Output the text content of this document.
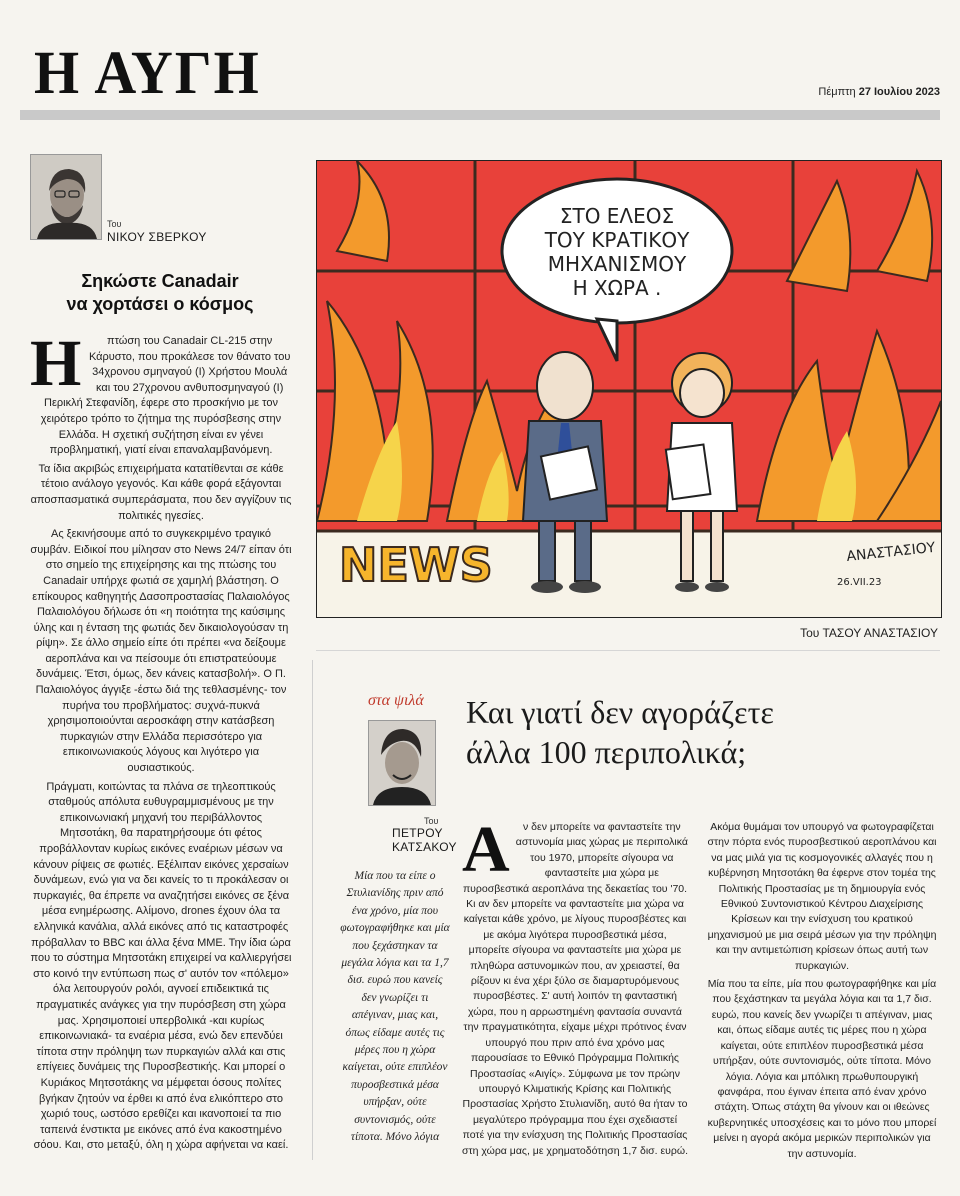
Η ΑΥΓΗ	Πέμπτη 27 Ιουλίου 2023
Του
ΝΙΚΟΥ ΣΒΕΡΚΟΥ
Σηκώστε Canadair
να χορτάσει ο κόσμος

Η πτώση του Canadair CL-215 στην Κάρυστο, που προκάλεσε τον θάνατο του 34χρονου σμηναγού (Ι) Χρήστου Μουλά και του 27χρονου ανθυποσμηναγού (Ι) Περικλή Στεφανίδη, έφερε στο προσκήνιο με τον χειρότερο τρόπο το ζήτημα της πυρόσβεσης στην Ελλάδα. Η σχετική συζήτηση είναι εν γένει προβληματική, γιατί είναι επαναλαμβανόμενη.

Τα ίδια ακριβώς επιχειρήματα κατατίθενται σε κάθε τέτοιο ανάλογο γεγονός. Και κάθε φορά εξάγονται αποσπασματικά συμπεράσματα, που δεν αγγίζουν τις πολιτικές ηγεσίες.

Ας ξεκινήσουμε από το συγκεκριμένο τραγικό συμβάν. Ειδικοί που μίλησαν στο News 24/7 είπαν ότι στο σημείο της επιχείρησης και της πτώσης του Canadair υπήρχε φωτιά σε χαμηλή βλάστηση. Ο επίκουρος καθηγητής Δασοπροστασίας Παλαιολόγος Παλαιολόγου δήλωσε ότι «η ποιότητα της καύσιμης ύλης και η ένταση της φωτιάς δεν δικαιολογούσαν τη ρίψη». Σε άλλο σημείο είπε ότι πρέπει «να δείξουμε αεροπλάνα και να πείσουμε ότι επιστρατεύουμε δυνάμεις. Έτσι, όμως, δεν κάνεις κατασβολή». Ο Π. Παλαιολόγος άγγιξε -έστω διά της τεθλασμένης- τον πυρήνα του προβλήματος: συχνά-πυκνά χρησιμοποιούνται αεροσκάφη στην κατάσβεση πυρκαγιών στην Ελλάδα περισσότερο για επικοινωνιακούς λόγους και λιγότερο για ουσιαστικούς.

Πράγματι, κοιτώντας τα πλάνα σε τηλεοπτικούς σταθμούς απόλυτα ευθυγραμμισμένους με την επικοινωνιακή μηχανή του περιβάλλοντος Μητσοτάκη, θα παρατηρήσουμε ότι φέτος προβάλλονταν κυρίως εικόνες εναέριων μέσων να κάνουν ρίψεις σε φωτιές. Εξέλιπαν εικόνες χερσαίων δυνάμεων, ενώ για να δει κανείς το τι προκάλεσαν οι πυρκαγιές, θα έπρεπε να αναζητήσει εικόνες σε ξένα μέσα ενημέρωσης. Αλίμονο, drones έχουν όλα τα ελληνικά κανάλια, αλλά εικόνες από τις καταστροφές πρόβαλλαν το BBC και άλλα ξένα ΜΜΕ. Την ίδια ώρα που το σύστημα Μητσοτάκη επιχειρεί να καλλιεργήσει στο κοινό την εντύπωση πως σ' αυτόν τον «πόλεμο» όλα λειτουργούν ρολόι, αγνοεί επιδεικτικά τις πραγματικές ανάγκες για την πυρόσβεση στη χώρα μας. Χρησιμοποιεί υπερβολικά -και κυρίως επικοινωνιακά- τα εναέρια μέσα, ενώ δεν επενδύει τίποτα στην πρόληψη των πυρκαγιών αλλά και στις επίγειες δυνάμεις της Πυροσβεστικής. Και μπορεί ο Κυριάκος Μητσοτάκης να μέμφεται όσους πολίτες βγήκαν ζητούν να έρθει κι από ένα ελικόπτερο στο χωριό τους, ωστόσο ερεθίζει και ικανοποιεί τα πιο ταπεινά ένστικτα με εικόνες από ένα κακοστημένο σόου. Και, στο μεταξύ, όλη η χώρα αφήνεται να καεί.

NEWS
ΣΤΟ ΕΛΕΟΣ
ΤΟΥ ΚΡΑΤΙΚΟΥ
ΜΗΧΑΝΙΣΜΟΥ
Η ΧΩΡΑ .
ΑΝΑΣΤΑΣΙΟΥ
26.VII.23
Του ΤΑΣΟΥ ΑΝΑΣΤΑΣΙΟΥ
στα ψιλά Και γιατί δεν αγοράζετε
άλλα 100 περιπολικά;
Του
ΠΕΤΡΟΥ
ΚΑΤΣΑΚΟΥ
Μία που τα είπε ο Στυλιανίδης πριν από ένα χρόνο, μία που φωτογραφήθηκε και μία που ξεχάστηκαν τα μεγάλα λόγια και τα 1,7 δισ. ευρώ που κανείς δεν γνωρίζει τι απέγιναν, μιας και, όπως είδαμε αυτές τις μέρες που η χώρα καίγεται, ούτε επιπλέον πυροσβεστικά μέσα υπήρξαν, ούτε συντονισμός, ούτε τίποτα. Μόνο λόγια

Α ν δεν μπορείτε να φανταστείτε την αστυνομία μιας χώρας με περιπολικά του 1970, μπορείτε σίγουρα να φανταστείτε μια χώρα με πυροσβεστικά αεροπλάνα της δεκαετίας του '70. Κι αν δεν μπορείτε να φανταστείτε μια χώρα να καίγεται κάθε χρόνο, με λίγους πυροσβέστες και με ακόμα λιγότερα πυροσβεστικά μέσα, μπορείτε σίγουρα να φανταστείτε μια χώρα με πληθώρα αστυνομικών που, αν χρειαστεί, θα ρίξουν κι ένα χέρι ξύλο σε διαμαρτυρόμενους πυροσβέστες. Σ' αυτή λοιπόν τη φανταστική χώρα, που η αρρωστημένη φαντασία συναντά την πραγματικότητα, είχαμε μέχρι πρότινος έναν υπουργό που πριν από ένα χρόνο μας παρουσίασε το Εθνικό Πρόγραμμα Πολιτικής Προστασίας «Αιγίς». Σύμφωνα με τον πρώην υπουργό Κλιματικής Κρίσης και Πολιτικής Προστασίας Χρήστο Στυλιανίδη, αυτό θα ήταν το μεγαλύτερο πρόγραμμα που έχει σχεδιαστεί ποτέ για την ενίσχυση της Πολιτικής Προστασίας στη χώρα μας, με χρηματοδότηση 1,7 δισ. ευρώ.

Ακόμα θυμάμαι τον υπουργό να φωτογραφίζεται στην πόρτα ενός πυροσβεστικού αεροπλάνου και να μας μιλά για τις κοσμογονικές αλλαγές που η κυβέρνηση Μητσοτάκη θα έφερνε στον τομέα της Πολιτικής Προστασίας με τη δημιουργία ενός Εθνικού Συντονιστικού Κέντρου Διαχείρισης Κρίσεων και την ενίσχυση του κρατικού μηχανισμού με μια σειρά μέσων για την πρόληψη και την αντιμετώπιση κρίσεων όπως αυτή των πυρκαγιών.

Μία που τα είπε, μία που φωτογραφήθηκε και μία που ξεχάστηκαν τα μεγάλα λόγια και τα 1,7 δισ. ευρώ, που κανείς δεν γνωρίζει τι απέγιναν, μιας και, όπως είδαμε αυτές τις μέρες που η χώρα καίγεται, ούτε επιπλέον πυροσβεστικά μέσα υπήρξαν, ούτε συντονισμός, ούτε τίποτα. Μόνο λόγια. Λόγια και μπόλικη πρωθυπουργική φανφάρα, που έγιναν έπειτα από έναν χρόνο στάχτη. Όπως στάχτη θα γίνουν και οι ιθεώνες κυβερνητικές υποσχέσεις και το μόνο που μπορεί μείνει η αγορά ακόμα μερικών περιπολικών για την αστυνομία.
